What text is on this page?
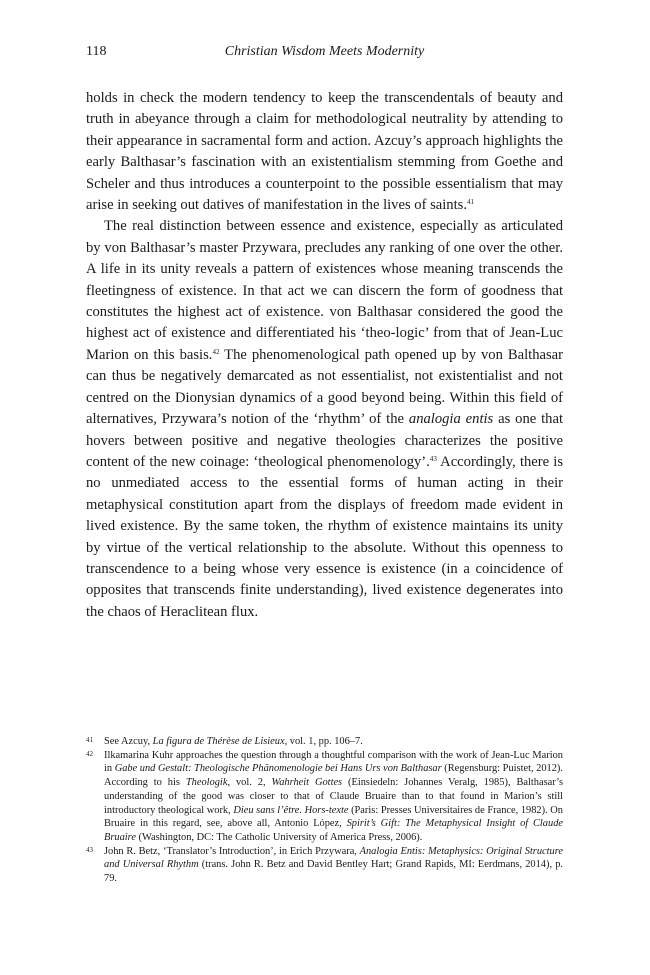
118	Christian Wisdom Meets Modernity

holds in check the modern tendency to keep the transcendentals of beauty and truth in abeyance through a claim for methodological neutrality by attending to their appearance in sacramental form and action. Azcuy’s approach highlights the early Balthasar’s fascination with an existentialism stemming from Goethe and Scheler and thus introduces a counterpoint to the possible essentialism that may arise in seeking out datives of manifestation in the lives of saints.$^{41}$

The real distinction between essence and existence, especially as articulated by von Balthasar’s master Przywara, precludes any ranking of one over the other. A life in its unity reveals a pattern of existences whose meaning transcends the fleetingness of existence. In that act we can discern the form of goodness that constitutes the highest act of existence. von Balthasar considered the good the highest act of existence and differentiated his ‘theo-logic’ from that of Jean-Luc Marion on this basis.$^{42}$ The phenomenological path opened up by von Balthasar can thus be negatively demarcated as not essentialist, not existentialist and not centred on the Dionysian dynamics of a good beyond being. Within this field of alternatives, Przywara’s notion of the ‘rhythm’ of the analogia entis as one that hovers between positive and negative theologies characterizes the positive content of the new coinage: ‘theological phenomenology’.$^{43}$ Accordingly, there is no unmediated access to the essential forms of human acting in their metaphysical constitution apart from the displays of freedom made evident in lived existence. By the same token, the rhythm of existence maintains its unity by virtue of the vertical relationship to the absolute. Without this openness to transcendence to a being whose very essence is existence (in a coincidence of opposites that transcends finite understanding), lived existence degenerates into the chaos of Heraclitean flux.

41 See Azcuy, La figura de Thérèse de Lisieux, vol. 1, pp. 106–7.
42 Ilkamarina Kuhr approaches the question through a thoughtful comparison with the work of Jean-Luc Marion in Gabe und Gestalt: Theologische Phänomenologie bei Hans Urs von Balthasar (Regensburg: Puistet, 2012). According to his Theologik, vol. 2, Wahrheit Gottes (Einsiedeln: Johannes Veralg, 1985), Balthasar’s understanding of the good was closer to that of Claude Bruaire than to that found in Marion’s still introductory theological work, Dieu sans l’être. Hors-texte (Paris: Presses Universitaires de France, 1982). On Bruaire in this regard, see, above all, Antonio López, Spirit’s Gift: The Metaphysical Insight of Claude Bruaire (Washington, DC: The Catholic University of America Press, 2006).
43 John R. Betz, ‘Translator’s Introduction’, in Erich Przywara, Analogia Entis: Metaphysics: Original Structure and Universal Rhythm (trans. John R. Betz and David Bentley Hart; Grand Rapids, MI: Eerdmans, 2014), p. 79.
